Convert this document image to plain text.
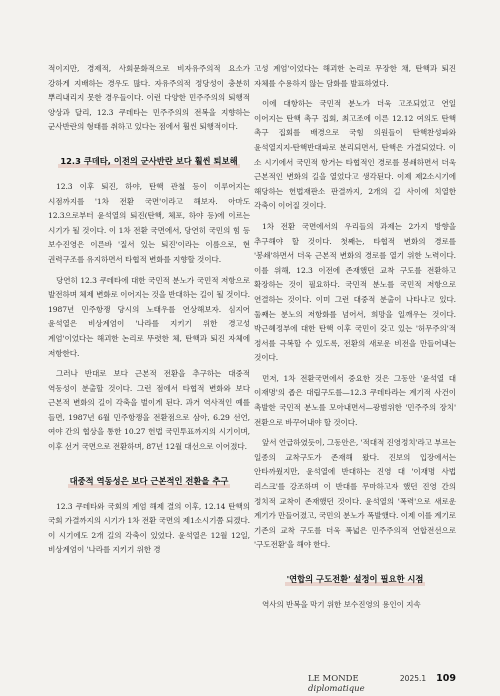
적이지만, 경제적, 사회문화적으로 비자유주의적 요소가 강하게 지배하는 경우도 많다. 자유주의적 정당성이 충분히 뿌리내리지 못한 경우들이다. 이런 다양한 민주주의의 퇴행적 양상과 달리, 12.3 쿠데타는 민주주의의 전복을 지향하는 군사반란의 형태를 취하고 있다는 점에서 훨씬 퇴행적이다.

12.3 쿠데타, 이전의 군사반란 보다 훨씬 퇴보해

12.3 이후 퇴진, 하야, 탄핵 관철 등이 이루어지는 시점까지를 '1차 전환 국면'이라고 해보자. 아마도 12.3으로부터 윤석열의 퇴진(탄핵, 체포, 하야 등)에 이르는 시기가 될 것이다. 이 1차 전환 국면에서, 당연히 국민의 힘 등 보수진영은 이른바 '질서 있는 퇴진'이라는 이름으로, 현 권력구조를 유지하면서 타협적 변화를 지향할 것이다.

당연히 12.3 쿠데타에 대한 국민적 분노가 국민적 저항으로 발전하며 체제 변화로 이어지는 것을 반대하는 길이 될 것이다. 1987년 민주항쟁 당시의 노태우를 연상해보자. 심지어 윤석열은 비상계엄이 '나라를 지키기 위한 경고성 계엄'이었다는 해괴한 논리로 뚜렷한 체, 탄핵과 퇴진 자체에 저항한다.

그러나 반대로 보다 근본적 전환을 추구하는 대중적 역동성이 분출할 것이다. 그런 점에서 타협적 변화와 보다 근본적 변화의 길이 각축을 벌이게 된다. 과거 역사적인 예를 들면, 1987년 6월 민주항쟁을 전환점으로 삼아, 6.29 선언, 여야 간의 협상을 통한 10.27 헌법 국민투표까지의 시기이며, 이후 선거 국면으로 전환하며, 87년 12월 대선으로 이어졌다.

대중적 역동성은 보다 근본적인 전환을 추구

12.3 쿠데타와 국회의 계엄 해제 결의 이후, 12.14 탄핵의 국회 가결까지의 시기가 1차 전환 국면의 제1소시기쯤 되겠다. 이 시기에도 2개 길의 각축이 있었다. 윤석열은 12월 12일, 비상계엄이 '나라를 지키기 위한 경

고성 계엄'이었다는 해괴한 논리로 무장한 채, 탄핵과 퇴진 자체를 수용하지 않는 담화를 발표하였다.

이에 대항하는 국민적 분노가 더욱 고조되었고 연일 이어지는 탄핵 촉구 집회, 최고조에 이른 12.12 여의도 탄핵 촉구 집회를 배경으로 국힘 의원들이 탄핵찬성파와 윤석열지지-탄핵반대파로 분리되면서, 탄핵은 가결되었다. 이 소 시기에서 국민적 항거는 타협적인 경로를 봉쇄하면서 더욱 근본적인 변화의 길을 열었다고 생각된다. 이제 제2소시기에 해당하는 헌법재판소 판결까지, 2개의 길 사이에 치열한 각축이 이어질 것이다.

1차 전환 국면에서의 우리들의 과제는 2가지 방향을 추구해야 할 것이다. 첫째는, 타협적 변화의 경로를 '봉쇄'하면서 더욱 근본적 변화의 경로를 열기 위한 노력이다. 이를 위해, 12.3 이전에 존재했던 교착 구도를 전환하고 확장하는 것이 필요하다. 국민적 분노를 국민적 저항으로 연결하는 것이다. 이미 그런 대중적 분출이 나타나고 있다. 둘째는 분노의 저항화를 넘어서, 희망을 일깨우는 것이다. 박근혜정부에 대한 탄핵 이후 국민이 갖고 있는 '허무주의'적 정서를 극복할 수 있도록, 전환의 새로운 비전을 만들어내는 것이다.

먼저, 1차 전환국면에서 중요한 것은 그동안 '윤석열 대 이재명'의 좁은 대립구도를—12.3 쿠데타라는 계기적 사건이 촉발한 국민적 분노를 모아내면서—광범위한 '민주주의 장치' 전환으로 바꾸어내야 할 것이다.

앞서 언급하였듯이, 그동안은, '적대적 진영정치'라고 부르는 일종의 교착구도가 존재해 왔다. 진보의 입장에서는 안타까웠지만, 윤석열에 반대하는 진영 대 '이재명 사법 리스크'를 강조하며 이 반대를 무마하고자 했던 진영 간의 정치적 교착이 존재했던 것이다. 윤석열의 '폭력'으로 새로운 계기가 만들어졌고, 국민의 분노가 폭발했다. 이제 이를 계기로 기존의 교착 구도를 더욱 폭넓은 민주주의적 연합전선으로 '구도전환'을 해야 한다.

'연합의 구도전환' 설정이 필요한 시점

역사의 반복을 막기 위한 보수진영의 용인이 지속

LE MONDE diplomatique
2025.1 109
